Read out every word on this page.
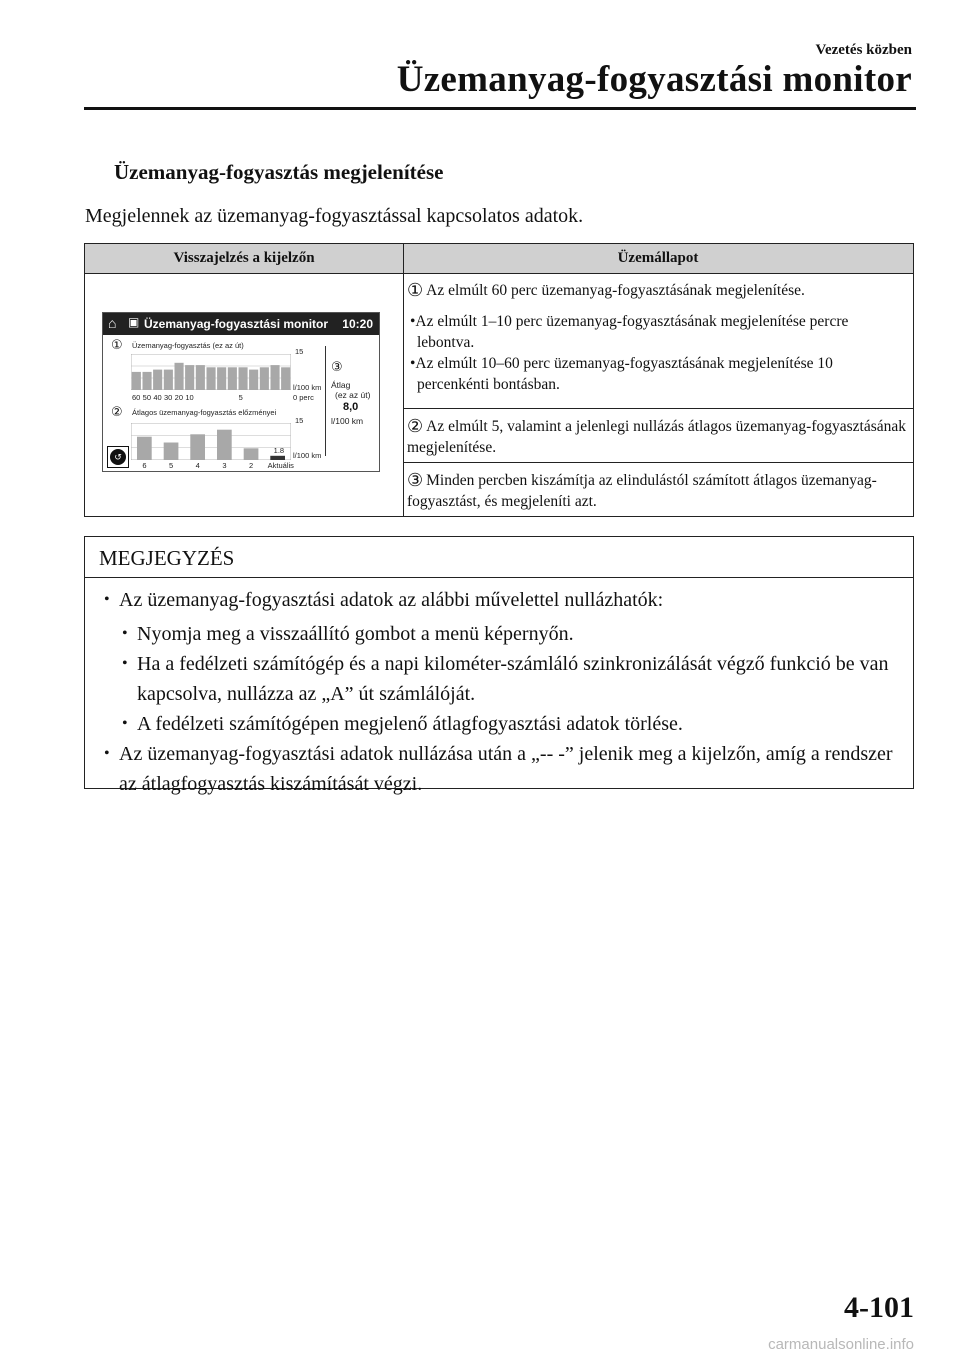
Vezetés közben
Üzemanyag-fogyasztási monitor
Üzemanyag-fogyasztás megjelenítése
Megjelennek az üzemanyag-fogyasztással kapcsolatos adatok.
Visszajelzés a kijelzőn	Üzemállapot
① Az elmúlt 60 perc üzemanyag-fogyasztásának megjelenítése.
•Az elmúlt 1–10 perc üzemanyag-fogyasztásának megjelenítése percre lebontva.
•Az elmúlt 10–60 perc üzemanyag-fogyasztásának megjelenítése 10 percenkénti bontásban.
② Az elmúlt 5, valamint a jelenlegi nullázás átlagos üzemanyag-fogyasztásának megjelenítése.
③ Minden percben kiszámítja az elindulástól számított átlagos üzemanyag-fogyasztást, és megjeleníti azt.
⌂ ▣ Üzemanyag-fogyasztási monitor 10:20
① Üzemanyag-fogyasztás (ez az út)
15
l/100 km
0 perc
② Átlagos üzemanyag-fogyasztás előzményei
15
l/100 km
③
Átlag
(ez az út)
8,0
l/100 km
↺
60 50 40 30 20 10	5
6	5	4	3	2 Aktuális
1.8
MEGJEGYZÉS
• Az üzemanyag-fogyasztási adatok az alábbi művelettel nullázhatók:
• Nyomja meg a visszaállító gombot a menü képernyőn.
• Ha a fedélzeti számítógép és a napi kilométer-számláló szinkronizálását végző funkció be van kapcsolva, nullázza az „A” út számlálóját.
• A fedélzeti számítógépen megjelenő átlagfogyasztási adatok törlése.
• Az üzemanyag-fogyasztási adatok nullázása után a „-- -” jelenik meg a kijelzőn, amíg a rendszer az átlagfogyasztás kiszámítását végzi.
4-101
carmanualsonline.info
